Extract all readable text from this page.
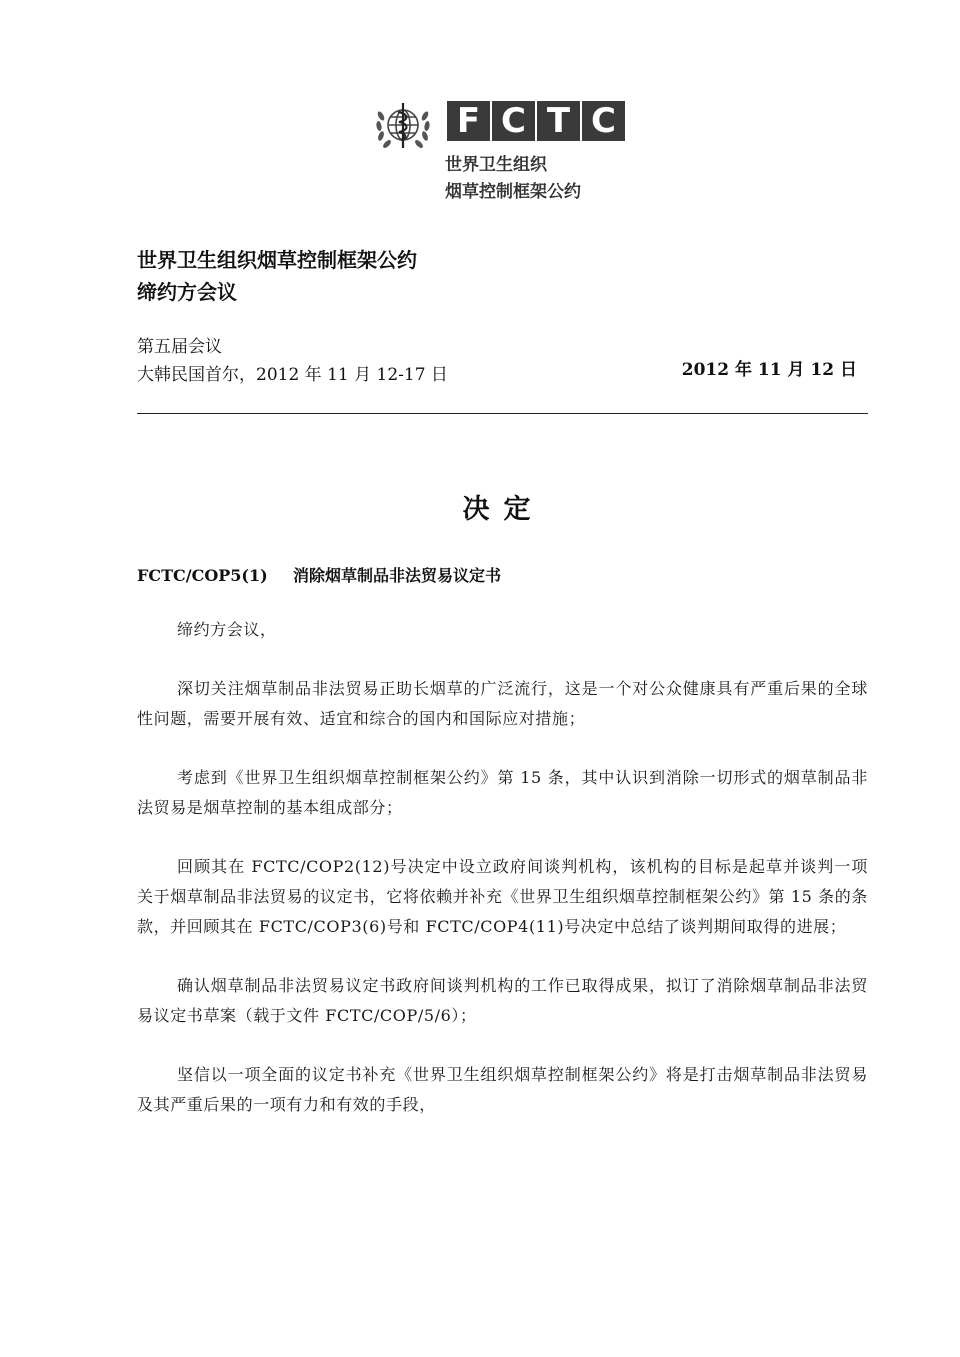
F C T C
世界卫生组织
烟草控制框架公约
世界卫生组织烟草控制框架公约
缔约方会议
第五届会议
大韩民国首尔，2012 年 11 月 12-17 日	2012 年 11 月 12 日
决定
FCTC/COP5(1) 消除烟草制品非法贸易议定书

缔约方会议，

深切关注烟草制品非法贸易正助长烟草的广泛流行，这是一个对公众健康具有严重后果的全球性问题，需要开展有效、适宜和综合的国内和国际应对措施；

考虑到《世界卫生组织烟草控制框架公约》第 15 条，其中认识到消除一切形式的烟草制品非法贸易是烟草控制的基本组成部分；

回顾其在 FCTC/COP2(12)号决定中设立政府间谈判机构，该机构的目标是起草并谈判一项关于烟草制品非法贸易的议定书，它将依赖并补充《世界卫生组织烟草控制框架公约》第 15 条的条款，并回顾其在 FCTC/COP3(6)号和 FCTC/COP4(11)号决定中总结了谈判期间取得的进展；

确认烟草制品非法贸易议定书政府间谈判机构的工作已取得成果，拟订了消除烟草制品非法贸易议定书草案（载于文件 FCTC/COP/5/6）；

坚信以一项全面的议定书补充《世界卫生组织烟草控制框架公约》将是打击烟草制品非法贸易及其严重后果的一项有力和有效的手段，
